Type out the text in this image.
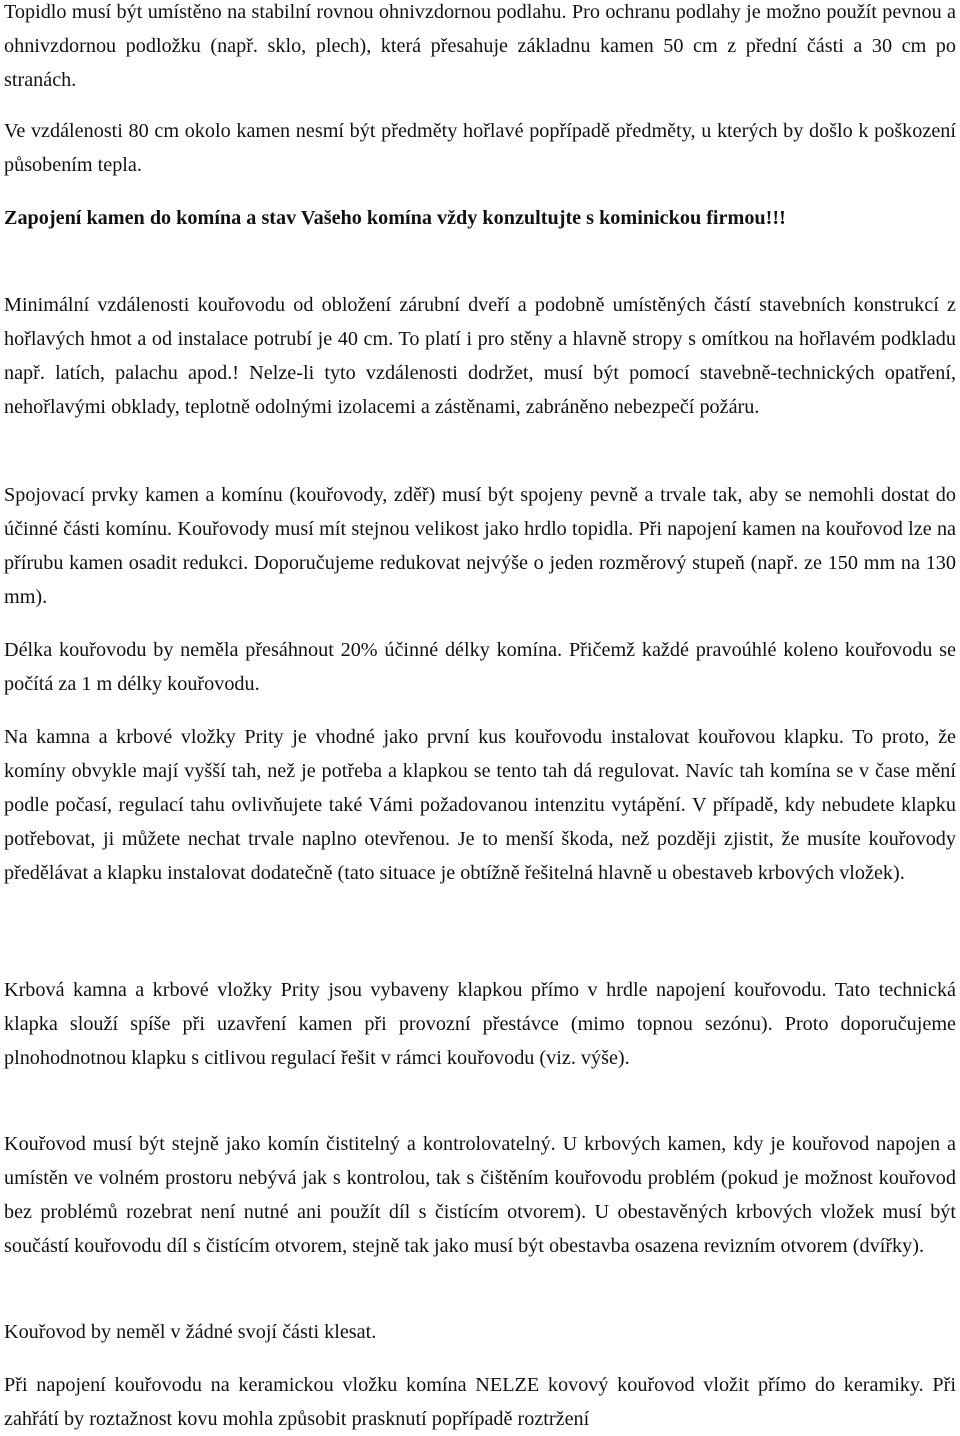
Topidlo musí být umístěno na stabilní rovnou ohnivzdornou podlahu. Pro ochranu podlahy je možno použít pevnou a ohnivzdornou podložku (např. sklo, plech), která přesahuje základnu kamen 50 cm z přední části a 30 cm po stranách.

Ve vzdálenosti 80 cm okolo kamen nesmí být předměty hořlavé popřípadě předměty, u kterých by došlo k poškození působením tepla.

Zapojení kamen do komína a stav Vašeho komína vždy konzultujte s kominickou firmou!!!

Minimální vzdálenosti kouřovodu od obložení zárubní dveří a podobně umístěných částí stavebních konstrukcí z hořlavých hmot a od instalace potrubí je 40 cm. To platí i pro stěny a hlavně stropy s omítkou na hořlavém podkladu např. latích, palachu apod.! Nelze-li tyto vzdálenosti dodržet, musí být pomocí stavebně-technických opatření, nehořlavými obklady, teplotně odolnými izolacemi a zástěnami, zabráněno nebezpečí požáru.

Spojovací prvky kamen a komínu (kouřovody, zděř) musí být spojeny pevně a trvale tak, aby se nemohli dostat do účinné části komínu. Kouřovody musí mít stejnou velikost jako hrdlo topidla. Při napojení kamen na kouřovod lze na přírubu kamen osadit redukci. Doporučujeme redukovat nejvýše o jeden rozměrový stupeň (např. ze 150 mm na 130 mm).

Délka kouřovodu by neměla přesáhnout 20% účinné délky komína. Přičemž každé pravoúhlé koleno kouřovodu se počítá za 1 m délky kouřovodu.

Na kamna a krbové vložky Prity je vhodné jako první kus kouřovodu instalovat kouřovou klapku. To proto, že komíny obvykle mají vyšší tah, než je potřeba a klapkou se tento tah dá regulovat. Navíc tah komína se v čase mění podle počasí, regulací tahu ovlivňujete také Vámi požadovanou intenzitu vytápění. V případě, kdy nebudete klapku potřebovat, ji můžete nechat trvale naplno otevřenou. Je to menší škoda, než později zjistit, že musíte kouřovody předělávat a klapku instalovat dodatečně (tato situace je obtížně řešitelná hlavně u obestaveb krbových vložek).

Krbová kamna a krbové vložky Prity jsou vybaveny klapkou přímo v hrdle napojení kouřovodu. Tato technická klapka slouží spíše při uzavření kamen při provozní přestávce (mimo topnou sezónu). Proto doporučujeme plnohodnotnou klapku s citlivou regulací řešit v rámci kouřovodu (viz. výše).

Kouřovod musí být stejně jako komín čistitelný a kontrolovatelný. U krbových kamen, kdy je kouřovod napojen a umístěn ve volném prostoru nebývá jak s kontrolou, tak s čištěním kouřovodu problém (pokud je možnost kouřovod bez problémů rozebrat není nutné ani použít díl s čistícím otvorem). U obestavěných krbových vložek musí být součástí kouřovodu díl s čistícím otvorem, stejně tak jako musí být obestavba osazena revizním otvorem (dvířky).

Kouřovod by neměl v žádné svojí části klesat.

Při napojení kouřovodu na keramickou vložku komína NELZE kovový kouřovod vložit přímo do keramiky. Při zahřátí by roztažnost kovu mohla způsobit prasknutí popřípadě roztržení
